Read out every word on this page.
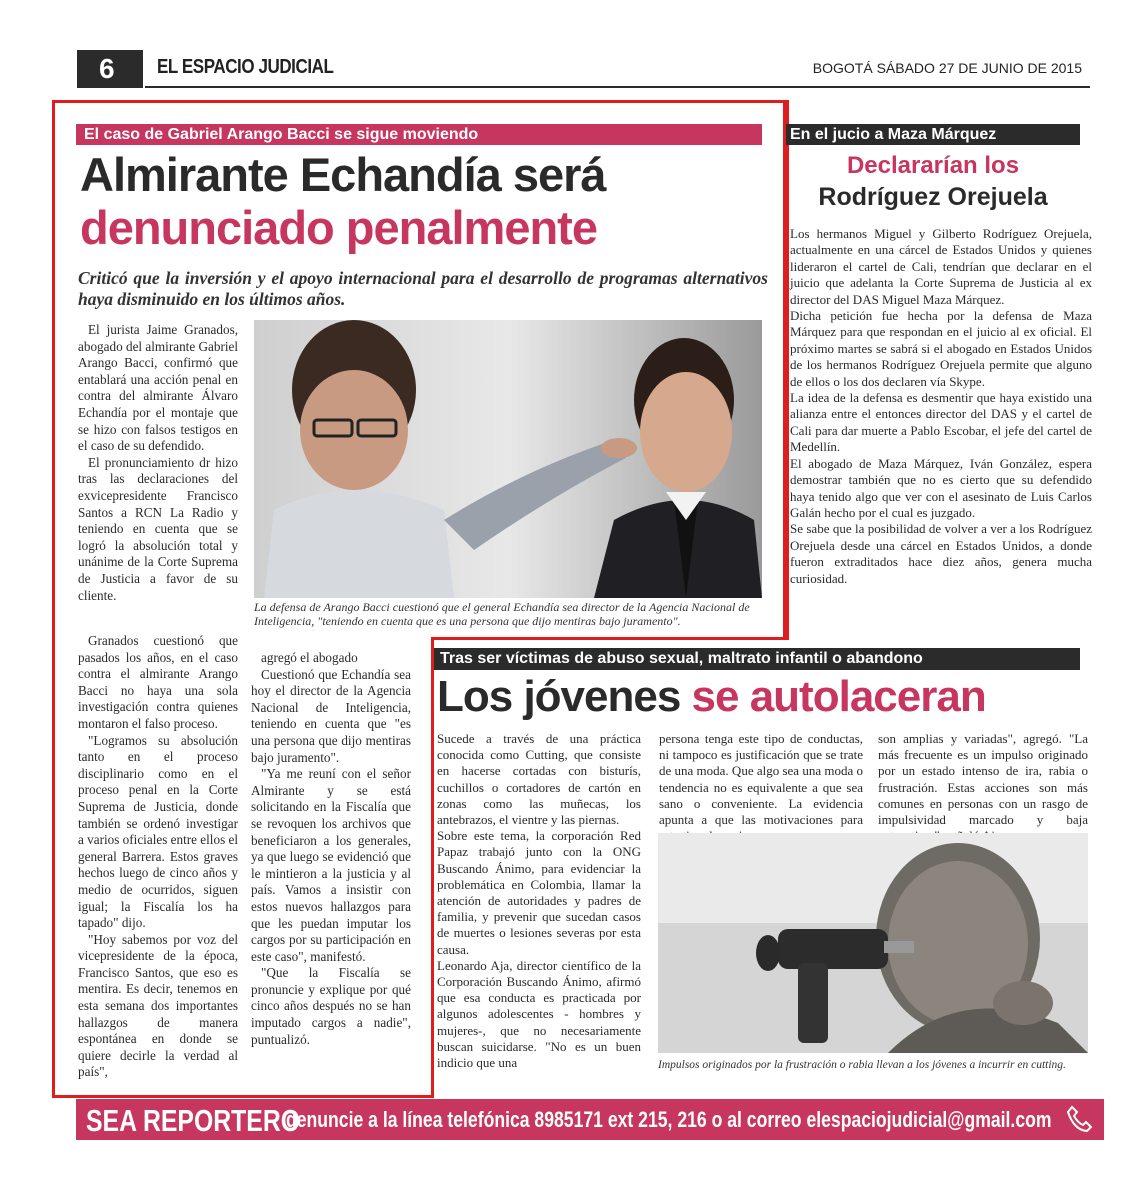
6	EL ESPACIO JUDICIAL	BOGOTÁ SÁBADO 27 DE JUNIO DE 2015
El caso de Gabriel Arango Bacci se sigue moviendo
Almirante Echandía será
denunciado penalmente
Criticó que la inversión y el apoyo internacional para el desarrollo de programas alternativos haya disminuido en los últimos años.
La defensa de Arango Bacci cuestionó que el general Echandía sea director de la Agencia Nacional de Inteligencia, "teniendo en cuenta que es una persona que dijo mentiras bajo juramento".

El jurista Jaime Granados, abogado del almirante Gabriel Arango Bacci, confirmó que entablará una acción penal en contra del almirante Álvaro Echandía por el montaje que se hizo con falsos testigos en el caso de su defendido.

El pronunciamiento dr hizo tras las declaraciones del exvicepresidente Francisco Santos a RCN La Radio y teniendo en cuenta que se logró la absolución total y unánime de la Corte Suprema de Justicia a favor de su cliente.

Granados cuestionó que pasados los años, en el caso contra el almirante Arango Bacci no haya una sola investigación contra quienes montaron el falso proceso.

"Logramos su absolución tanto en el proceso disciplinario como en el proceso penal en la Corte Suprema de Justicia, donde también se ordenó investigar a varios oficiales entre ellos el general Barrera. Estos graves hechos luego de cinco años y medio de ocurridos, siguen igual; la Fiscalía los ha tapado" dijo.

"Hoy sabemos por voz del vicepresidente de la época, Francisco Santos, que eso es mentira. Es decir, tenemos en esta semana dos importantes hallazgos de manera espontánea en donde se quiere decirle la verdad al país",

agregó el abogado

Cuestionó que Echandía sea hoy el director de la Agencia Nacional de Inteligencia, teniendo en cuenta que "es una persona que dijo mentiras bajo juramento".

"Ya me reuní con el señor Almirante y se está solicitando en la Fiscalía que se revoquen los archivos que beneficiaron a los generales, ya que luego se evidenció que le mintieron a la justicia y al país. Vamos a insistir con estos nuevos hallazgos para que les puedan imputar los cargos por su participación en este caso", manifestó.

"Que la Fiscalía se pronuncie y explique por qué cinco años después no se han imputado cargos a nadie", puntualizó.

En el jucio a Maza Márquez
Declararían los
Rodríguez Orejuela

Los hermanos Miguel y Gilberto Rodríguez Orejuela, actualmente en una cárcel de Estados Unidos y quienes lideraron el cartel de Cali, tendrían que declarar en el juicio que adelanta la Corte Suprema de Justicia al ex director del DAS Miguel Maza Márquez.

Dicha petición fue hecha por la defensa de Maza Márquez para que respondan en el juicio al ex oficial. El próximo martes se sabrá si el abogado en Estados Unidos de los hermanos Rodríguez Orejuela permite que alguno de ellos o los dos declaren vía Skype.

La idea de la defensa es desmentir que haya existido una alianza entre el entonces director del DAS y el cartel de Cali para dar muerte a Pablo Escobar, el jefe del cartel de Medellín.

El abogado de Maza Márquez, Iván González, espera demostrar también que no es cierto que su defendido haya tenido algo que ver con el asesinato de Luis Carlos Galán hecho por el cual es juzgado.

Se sabe que la posibilidad de volver a ver a los Rodríguez Orejuela desde una cárcel en Estados Unidos, a donde fueron extraditados hace diez años, genera mucha curiosidad.

Tras ser víctimas de abuso sexual, maltrato infantil o abandono
Los jóvenes se autolaceran

Sucede a través de una práctica conocida como Cutting, que consiste en hacerse cortadas con bisturís, cuchillos o cortadores de cartón en zonas como las muñecas, los antebrazos, el vientre y las piernas.

Sobre este tema, la corporación Red Papaz trabajó junto con la ONG Buscando Ánimo, para evidenciar la problemática en Colombia, llamar la atención de autoridades y padres de familia, y prevenir que sucedan casos de muertes o lesiones severas por esta causa.

Leonardo Aja, director científico de la Corporación Buscando Ánimo, afirmó que esa conducta es practicada por algunos adolescentes - hombres y mujeres-, que no necesariamente buscan suicidarse. "No es un buen indicio que una

persona tenga este tipo de conductas, ni tampoco es justificación que se trate de una moda. Que algo sea una moda o tendencia no es equivalente a que sea sano o conveniente. La evidencia apunta a que las motivaciones para
son amplias y variadas", agregó. "La más frecuente es un impulso originado por un estado intenso de ira, rabia o frustración. Estas acciones son más comunes en personas con un rasgo de impulsividad marcado y baja
Impulsos originados por la frustración o rabia llevan a los jóvenes a incurrir en cutting.
SEA REPORTERO
denuncie a la línea telefónica 8985171 ext 215, 216 o al correo elespaciojudicial@gmail.com
